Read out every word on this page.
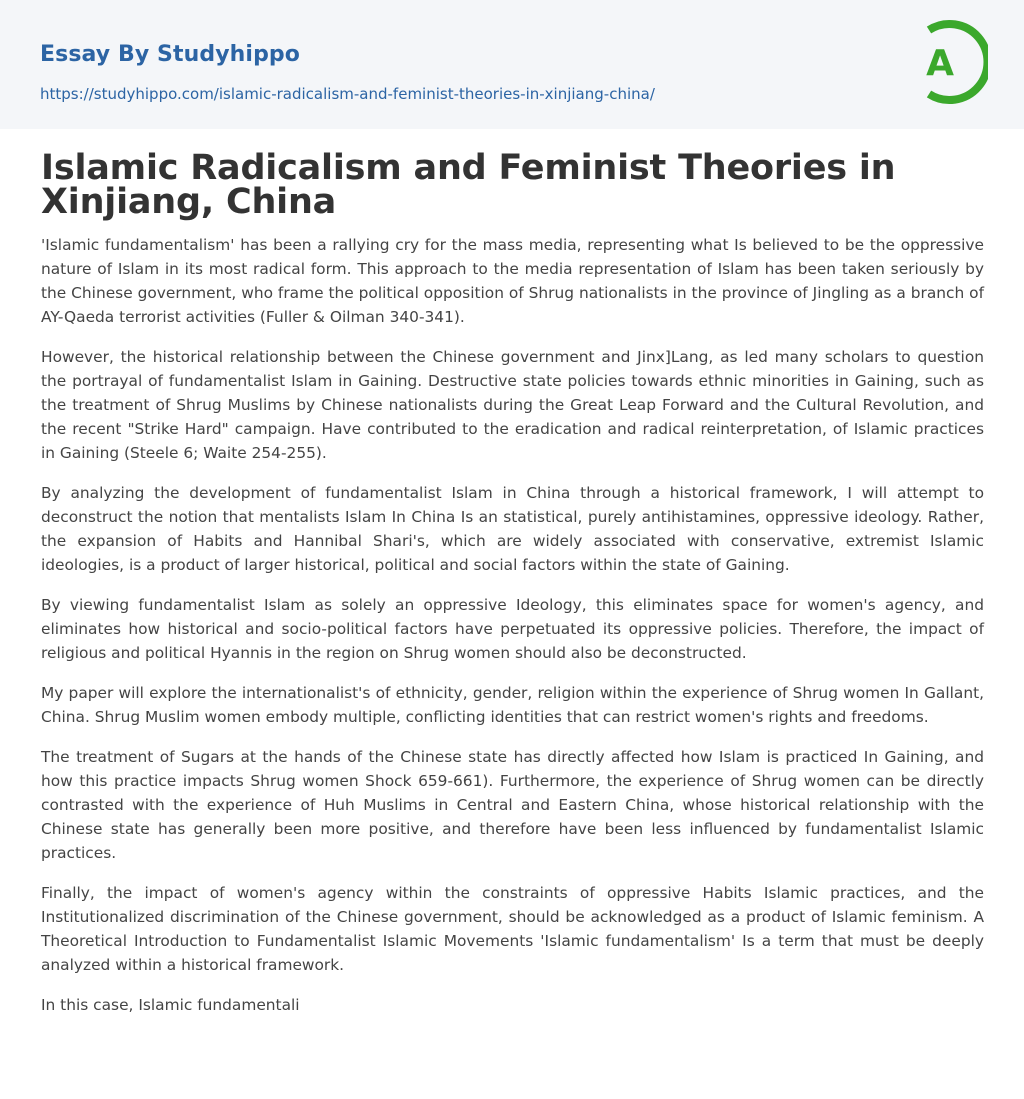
Essay By Studyhippo
https://studyhippo.com/islamic-radicalism-and-feminist-theories-in-xinjiang-china/
A
Islamic Radicalism and Feminist Theories in Xinjiang, China

'Islamic fundamentalism' has been a rallying cry for the mass media, representing what Is believed to be the oppressive nature of Islam in its most radical form. This approach to the media representation of Islam has been taken seriously by the Chinese government, who frame the political opposition of Shrug nationalists in the province of Jingling as a branch of AY-Qaeda terrorist activities (Fuller & Oilman 340-341).

However, the historical relationship between the Chinese government and Jinx]Lang, as led many scholars to question the portrayal of fundamentalist Islam in Gaining. Destructive state policies towards ethnic minorities in Gaining, such as the treatment of Shrug Muslims by Chinese nationalists during the Great Leap Forward and the Cultural Revolution, and the recent "Strike Hard" campaign. Have contributed to the eradication and radical reinterpretation, of Islamic practices in Gaining (Steele 6; Waite 254-255).

By analyzing the development of fundamentalist Islam in China through a historical framework, I will attempt to deconstruct the notion that mentalists Islam In China Is an statistical, purely antihistamines, oppressive ideology. Rather, the expansion of Habits and Hannibal Shari's, which are widely associated with conservative, extremist Islamic ideologies, is a product of larger historical, political and social factors within the state of Gaining.

By viewing fundamentalist Islam as solely an oppressive Ideology, this eliminates space for women's agency, and eliminates how historical and socio-political factors have perpetuated its oppressive policies. Therefore, the impact of religious and political Hyannis in the region on Shrug women should also be deconstructed.

My paper will explore the internationalist's of ethnicity, gender, religion within the experience of Shrug women In Gallant, China. Shrug Muslim women embody multiple, conflicting identities that can restrict women's rights and freedoms.

The treatment of Sugars at the hands of the Chinese state has directly affected how Islam is practiced In Gaining, and how this practice impacts Shrug women Shock 659-661). Furthermore, the experience of Shrug women can be directly contrasted with the experience of Huh Muslims in Central and Eastern China, whose historical relationship with the Chinese state has generally been more positive, and therefore have been less influenced by fundamentalist Islamic practices.

Finally, the impact of women's agency within the constraints of oppressive Habits Islamic practices, and the Institutionalized discrimination of the Chinese government, should be acknowledged as a product of Islamic feminism. A Theoretical Introduction to Fundamentalist Islamic Movements 'Islamic fundamentalism' Is a term that must be deeply analyzed within a historical framework.

In this case, Islamic fundamentali
